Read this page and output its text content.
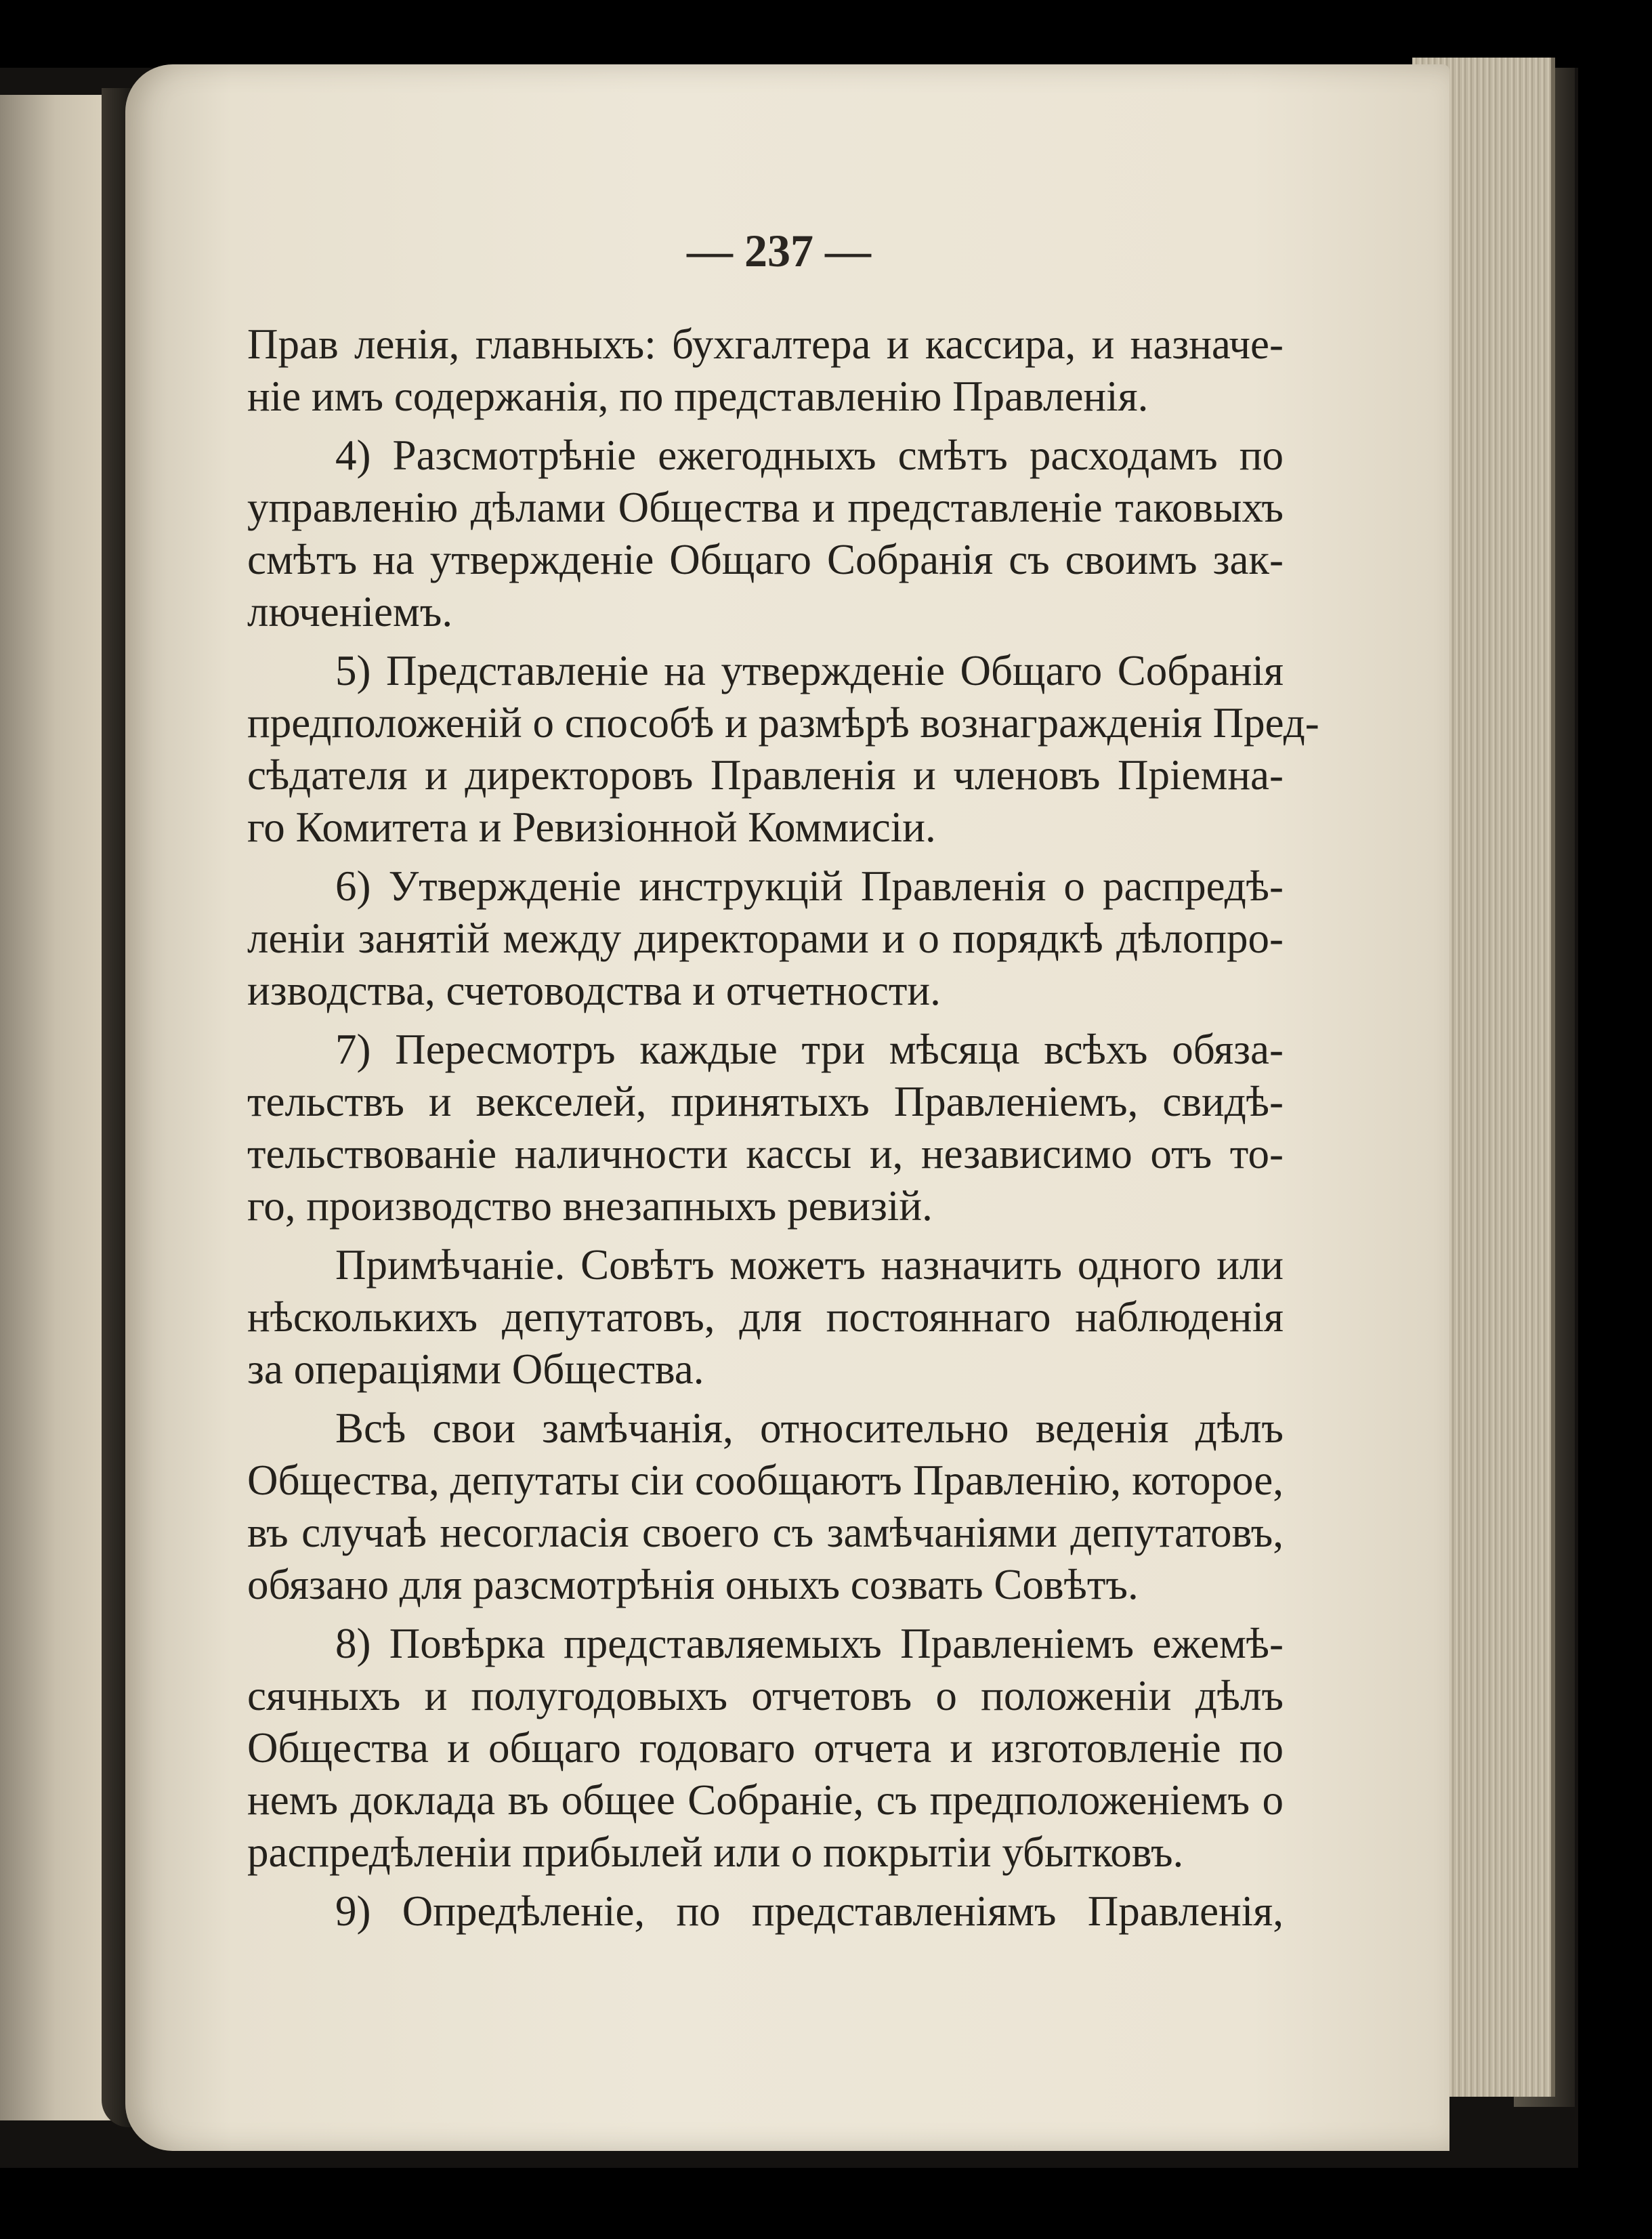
— 237 —
Прав ленія, главныхъ: бухгалтера и кассира, и назначе-
ніе имъ содержанія, по представленію Правленія.
4) Разсмотрѣніе ежегодныхъ смѣтъ расходамъ по
управленію дѣлами Общества и представленіе таковыхъ
смѣтъ на утвержденіе Общаго Собранія съ своимъ зак-
люченіемъ.
5) Представленіе на утвержденіе Общаго Собранія
предположеній о способѣ и размѣрѣ вознагражденія Пред-
сѣдателя и директоровъ Правленія и членовъ Пріемна-
го Комитета и Ревизіонной Коммисіи.
6) Утвержденіе инструкцій Правленія о распредѣ-
леніи занятій между директорами и о порядкѣ дѣлопро-
изводства, счетоводства и отчетности.
7) Пересмотръ каждые три мѣсяца всѣхъ обяза-
тельствъ и векселей, принятыхъ Правленіемъ, свидѣ-
тельствованіе наличности кассы и, независимо отъ то-
го, производство внезапныхъ ревизій.
Примѣчаніе. Совѣтъ можетъ назначить одного или
нѣсколькихъ депутатовъ, для постояннаго наблюденія
за операціями Общества.
Всѣ свои замѣчанія, относительно веденія дѣлъ
Общества, депутаты сіи сообщаютъ Правленію, которое,
въ случаѣ несогласія своего съ замѣчаніями депутатовъ,
обязано для разсмотрѣнія оныхъ созвать Совѣтъ.
8) Повѣрка представляемыхъ Правленіемъ ежемѣ-
сячныхъ и полугодовыхъ отчетовъ о положеніи дѣлъ
Общества и общаго годоваго отчета и изготовленіе по
немъ доклада въ общее Собраніе, съ предположеніемъ о
распредѣленіи прибылей или о покрытіи убытковъ.
9) Опредѣленіе, по представленіямъ Правленія,
